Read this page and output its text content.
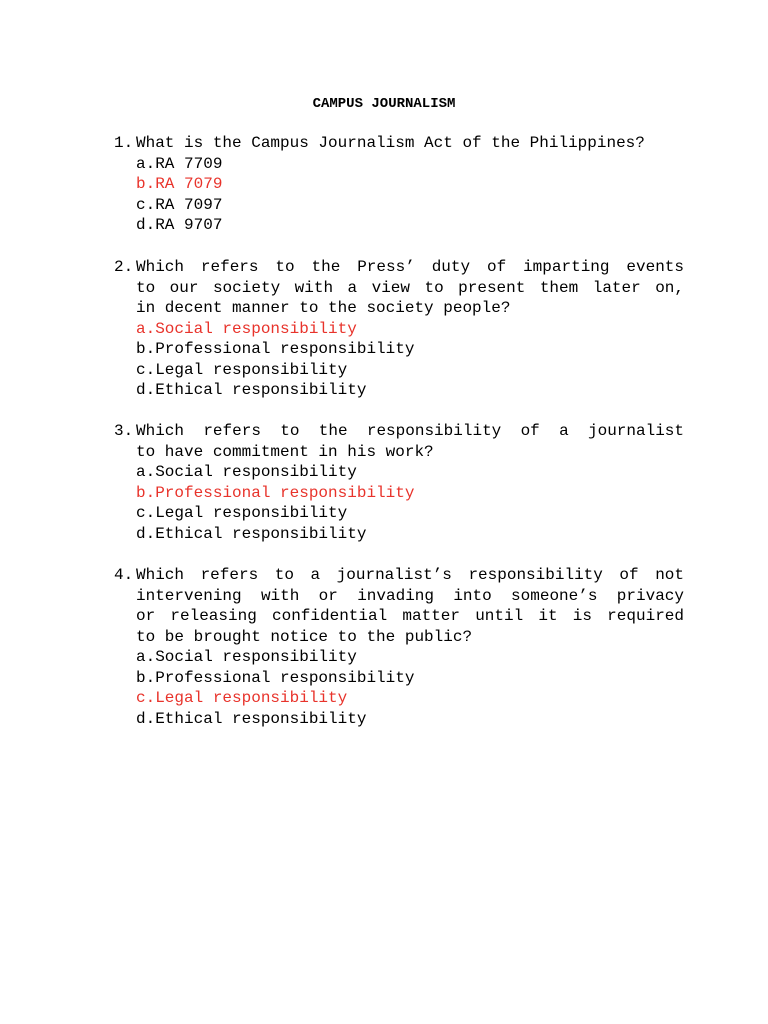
CAMPUS JOURNALISM
1. What is the Campus Journalism Act of the Philippines?
a.RA 7709
b.RA 7079
c.RA 7097
d.RA 9707
2. Which refers to the Press’ duty of imparting events
to our society with a view to present them later on,
in decent manner to the society people?
a.Social responsibility
b.Professional responsibility
c.Legal responsibility
d.Ethical responsibility
3. Which refers to the responsibility of a journalist
to have commitment in his work?
a.Social responsibility
b.Professional responsibility
c.Legal responsibility
d.Ethical responsibility
4. Which refers to a journalist’s responsibility of not
intervening with or invading into someone’s privacy
or releasing confidential matter until it is required
to be brought notice to the public?
a.Social responsibility
b.Professional responsibility
c.Legal responsibility
d.Ethical responsibility
